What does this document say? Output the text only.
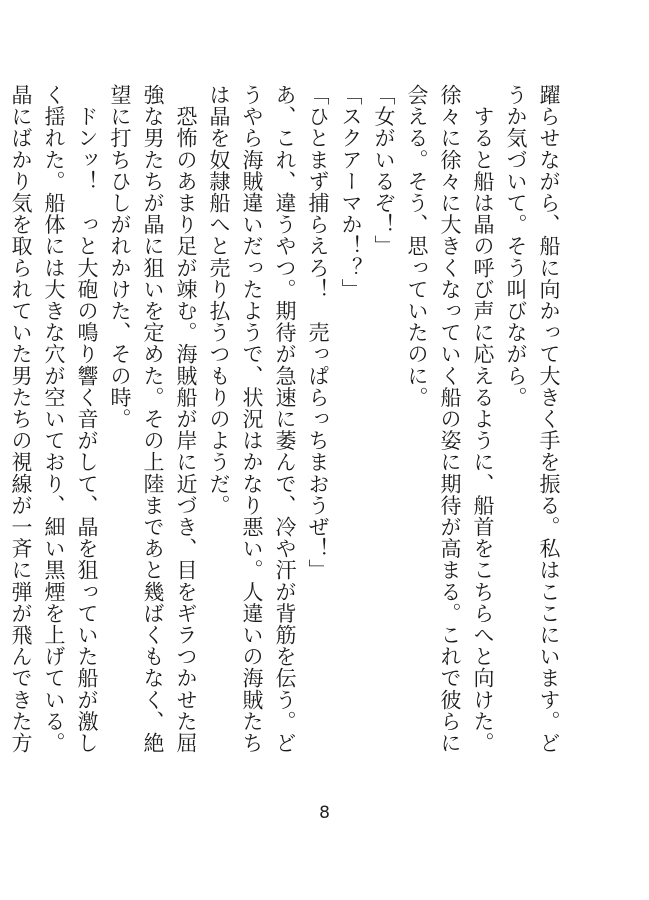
躍らせながら、船に向かって大きく手を振る。私はここにいます。どうか気づいて。そう叫びながら。

　すると船は晶の呼び声に応えるように、船首をこちらへと向けた。徐々に徐々に大きくなっていく船の姿に期待が高まる。これで彼らに会える。そう、思っていたのに。

「女がいるぞ！」

「スクアーマか！？」

「ひとまず捕らえろ！　売っぱらっちまおうぜ！」

あ、これ、違うやつ。期待が急速に萎んで、冷や汗が背筋を伝う。どうやら海賊違いだったようで、状況はかなり悪い。人違いの海賊たちは晶を奴隷船へと売り払うつもりのようだ。

　恐怖のあまり足が竦む。海賊船が岸に近づき、目をギラつかせた屈強な男たちが晶に狙いを定めた。その上陸まであと幾ばくもなく、絶望に打ちひしがれかけた、その時。

　ドンッ！　っと大砲の鳴り響く音がして、晶を狙っていた船が激しく揺れた。船体には大きな穴が空いており、細い黒煙を上げている。晶にばかり気を取られていた男たちの視線が一斉に弾が飛んできた方

8
